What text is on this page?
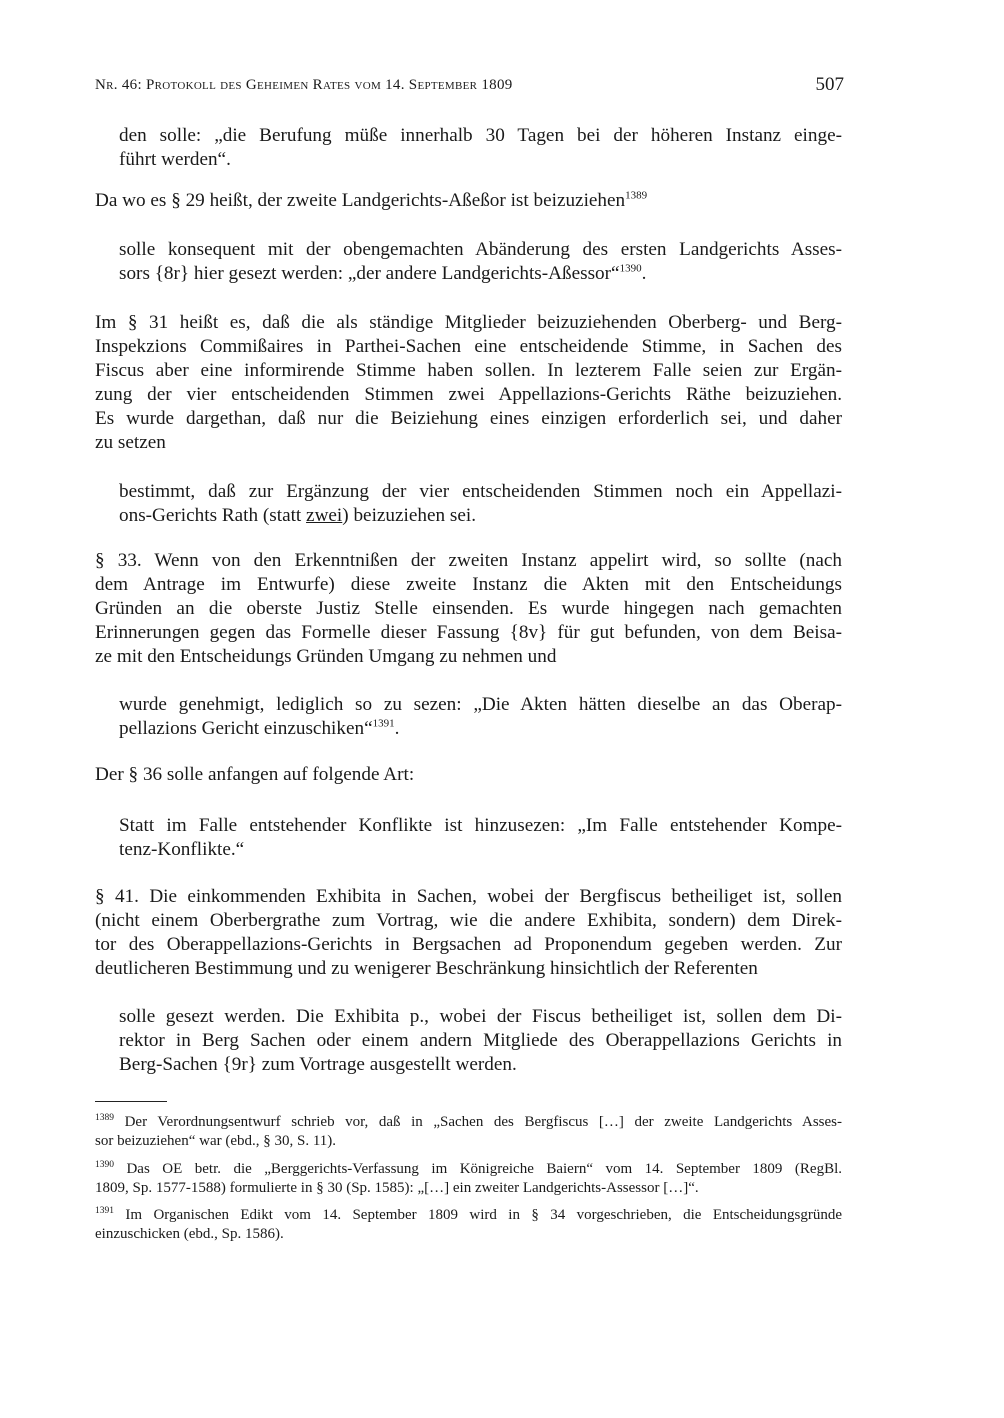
Nr. 46: Protokoll des Geheimen Rates vom 14. September 1809	507
den solle: „die Berufung müße innerhalb 30 Tagen bei der höheren Instanz einge-
führt werden“.
Da wo es § 29 heißt, der zweite Landgerichts-Aßeßor ist beizuziehen$^{1389}$
solle konsequent mit der obengemachten Abänderung des ersten Landgerichts Asses-
sors {8r} hier gesezt werden: „der andere Landgerichts-Aßessor“$^{1390}$.
Im § 31 heißt es, daß die als ständige Mitglieder beizuziehenden Oberberg- und Berg-
Inspekzions Commißaires in Parthei-Sachen eine entscheidende Stimme, in Sachen des
Fiscus aber eine informirende Stimme haben sollen. In lezterem Falle seien zur Ergän-
zung der vier entscheidenden Stimmen zwei Appellazions-Gerichts Räthe beizuziehen.
Es wurde dargethan, daß nur die Beiziehung eines einzigen erforderlich sei, und daher
zu setzen
bestimmt, daß zur Ergänzung der vier entscheidenden Stimmen noch ein Appellazi-
ons-Gerichts Rath (statt zwei) beizuziehen sei.
§ 33. Wenn von den Erkenntnißen der zweiten Instanz appelirt wird, so sollte (nach
dem Antrage im Entwurfe) diese zweite Instanz die Akten mit den Entscheidungs
Gründen an die oberste Justiz Stelle einsenden. Es wurde hingegen nach gemachten
Erinnerungen gegen das Formelle dieser Fassung {8v} für gut befunden, von dem Beisa-
ze mit den Entscheidungs Gründen Umgang zu nehmen und
wurde genehmigt, lediglich so zu sezen: „Die Akten hätten dieselbe an das Oberap-
pellazions Gericht einzuschiken“$^{1391}$.
Der § 36 solle anfangen auf folgende Art:
Statt im Falle entstehender Konflikte ist hinzusezen: „Im Falle entstehender Kompe-
tenz-Konflikte.“
§ 41. Die einkommenden Exhibita in Sachen, wobei der Bergfiscus betheiliget ist, sollen
(nicht einem Oberbergrathe zum Vortrag, wie die andere Exhibita, sondern) dem Direk-
tor des Oberappellazions-Gerichts in Bergsachen ad Proponendum gegeben werden. Zur
deutlicheren Bestimmung und zu wenigerer Beschränkung hinsichtlich der Referenten
solle gesezt werden. Die Exhibita p., wobei der Fiscus betheiliget ist, sollen dem Di-
rektor in Berg Sachen oder einem andern Mitgliede des Oberappellazions Gerichts in
Berg-Sachen {9r} zum Vortrage ausgestellt werden.
$^{1389}$ Der Verordnungsentwurf schrieb vor, daß in „Sachen des Bergfiscus […] der zweite Landgerichts Asses-
sor beizuziehen“ war (ebd., § 30, S. 11).
$^{1390}$ Das OE betr. die „Berggerichts-Verfassung im Königreiche Baiern“ vom 14. September 1809 (RegBl.
1809, Sp. 1577-1588) formulierte in § 30 (Sp. 1585): „[…] ein zweiter Landgerichts-Assessor […]“.
$^{1391}$ Im Organischen Edikt vom 14. September 1809 wird in § 34 vorgeschrieben, die Entscheidungsgründe
einzuschicken (ebd., Sp. 1586).
